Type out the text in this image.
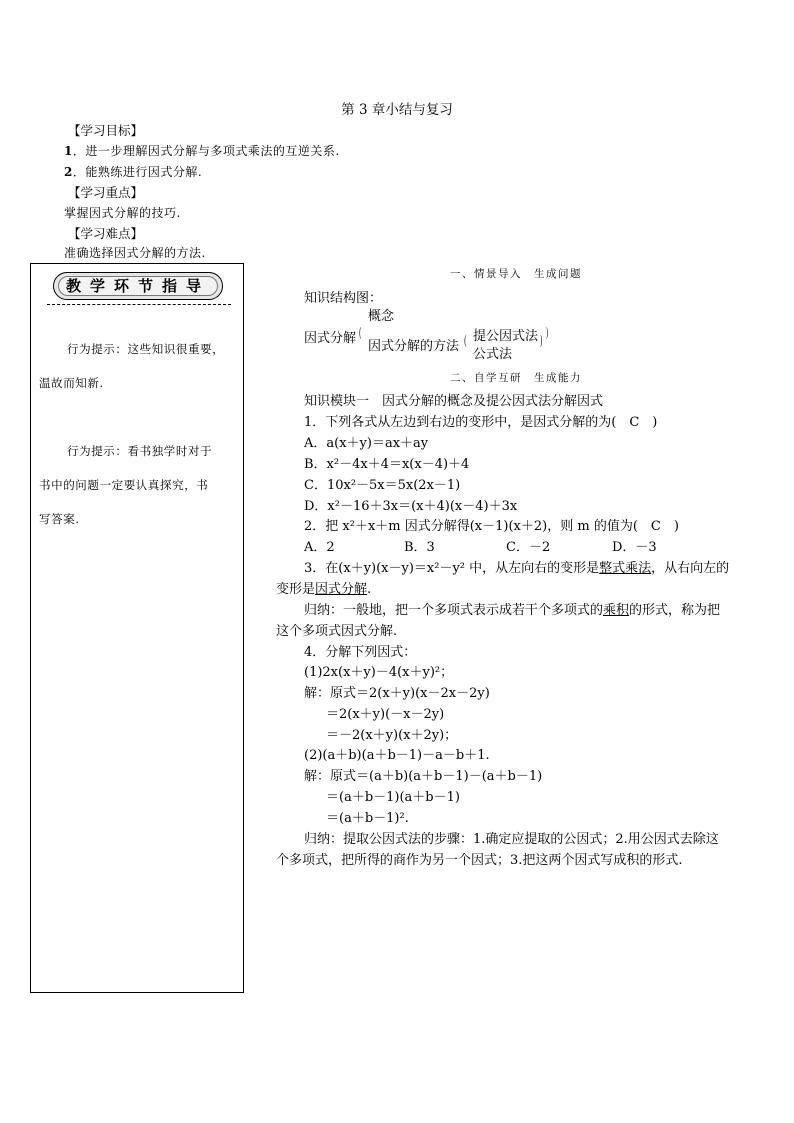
第 3 章小结与复习
【学习目标】
1．进一步理解因式分解与多项式乘法的互逆关系.
2．能熟练进行因式分解.
【学习重点】
掌握因式分解的技巧.
【学习难点】
准确选择因式分解的方法.
教学环节指导
行为提示：这些知识很重要，
温故而知新.
行为提示：看书独学时对于
书中的问题一定要认真探究，书
写答案.
一、情景导入　生成问题
知识结构图：
因式分解 (
概念
因式分解的方法 ( 提公因式法
公式法
)
)
二、自学互研　生成能力
知识模块一　因式分解的概念及提公因式法分解因式
1．下列各式从左边到右边的变形中，是因式分解的为(　C　)
A．a(x＋y)＝ax＋ay
B．x²－4x＋4＝x(x－4)＋4
C．10x²－5x＝5x(2x－1)
D．x²－16＋3x＝(x＋4)(x－4)＋3x
2．把 x²＋x＋m 因式分解得(x－1)(x＋2)，则 m 的值为(　C　)
A．2	B．3	C．－2	D．－3
3．在(x＋y)(x－y)＝x²－y² 中，从左向右的变形是整式乘法，从右向左的
变形是因式分解.
归纳：一般地，把一个多项式表示成若干个多项式的乘积的形式，称为把
这个多项式因式分解.
4．分解下列因式：
(1)2x(x＋y)－4(x＋y)²；
解：原式＝2(x＋y)(x－2x－2y)
＝2(x＋y)(－x－2y)
＝－2(x＋y)(x＋2y)；
(2)(a＋b)(a＋b－1)－a－b＋1.
解：原式＝(a＋b)(a＋b－1)－(a＋b－1)
＝(a＋b－1)(a＋b－1)
＝(a＋b－1)².
归纳：提取公因式法的步骤：1.确定应提取的公因式；2.用公因式去除这
个多项式，把所得的商作为另一个因式；3.把这两个因式写成积的形式.
